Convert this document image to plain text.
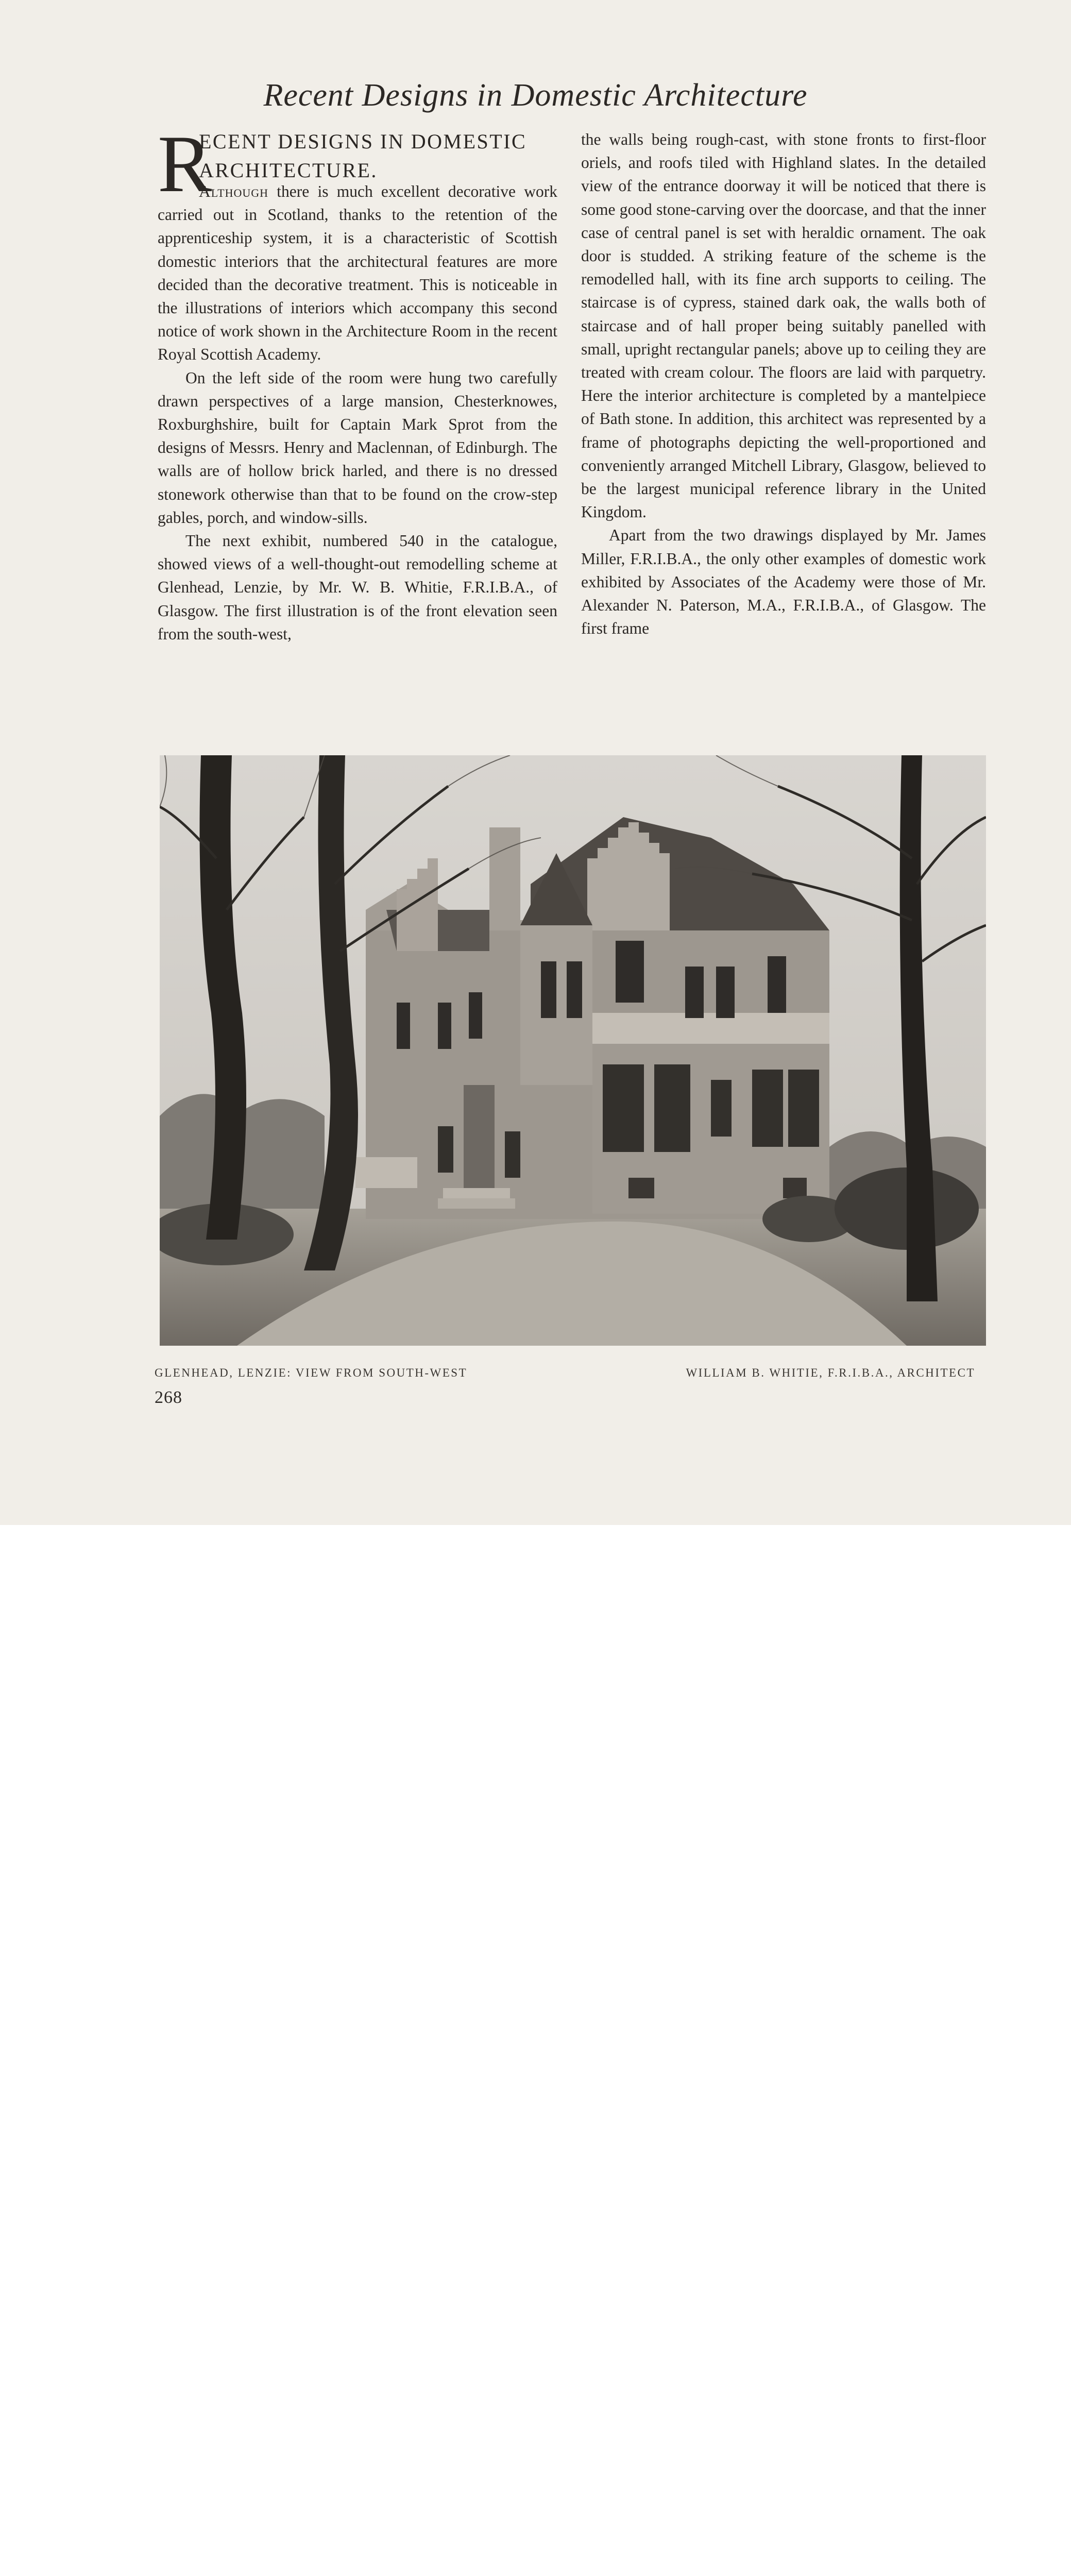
Recent Designs in Domestic Architecture
R
ECENT DESIGNS IN DOMESTIC
ARCHITECTURE.

Although there is much excellent decorative work carried out in Scotland, thanks to the retention of the apprenticeship system, it is a characteristic of Scottish domestic interiors that the architectural features are more decided than the decorative treatment. This is noticeable in the illustrations of interiors which accompany this second notice of work shown in the Architecture Room in the recent Royal Scottish Academy.

On the left side of the room were hung two carefully drawn perspectives of a large mansion, Chesterknowes, Roxburghshire, built for Captain Mark Sprot from the designs of Messrs. Henry and Maclennan, of Edinburgh. The walls are of hollow brick harled, and there is no dressed stonework otherwise than that to be found on the crow-step gables, porch, and window-sills.

The next exhibit, numbered 540 in the catalogue, showed views of a well-thought-out remodelling scheme at Glenhead, Lenzie, by Mr. W. B. Whitie, F.R.I.B.A., of Glasgow. The first illustration is of the front elevation seen from the south-west,

the walls being rough-cast, with stone fronts to first-floor oriels, and roofs tiled with Highland slates. In the detailed view of the entrance doorway it will be noticed that there is some good stone-carving over the doorcase, and that the inner case of central panel is set with heraldic ornament. The oak door is studded. A striking feature of the scheme is the remodelled hall, with its fine arch supports to ceiling. The staircase is of cypress, stained dark oak, the walls both of staircase and of hall proper being suitably panelled with small, upright rectangular panels; above up to ceiling they are treated with cream colour. The floors are laid with parquetry. Here the interior architecture is completed by a mantelpiece of Bath stone. In addition, this architect was represented by a frame of photographs depicting the well-proportioned and conveniently arranged Mitchell Library, Glasgow, believed to be the largest municipal reference library in the United Kingdom.

Apart from the two drawings displayed by Mr. James Miller, F.R.I.B.A., the only other examples of domestic work exhibited by Associates of the Academy were those of Mr. Alexander N. Paterson, M.A., F.R.I.B.A., of Glasgow. The first frame

GLENHEAD, LENZIE: VIEW FROM SOUTH-WEST	WILLIAM B. WHITIE, F.R.I.B.A., ARCHITECT
268
